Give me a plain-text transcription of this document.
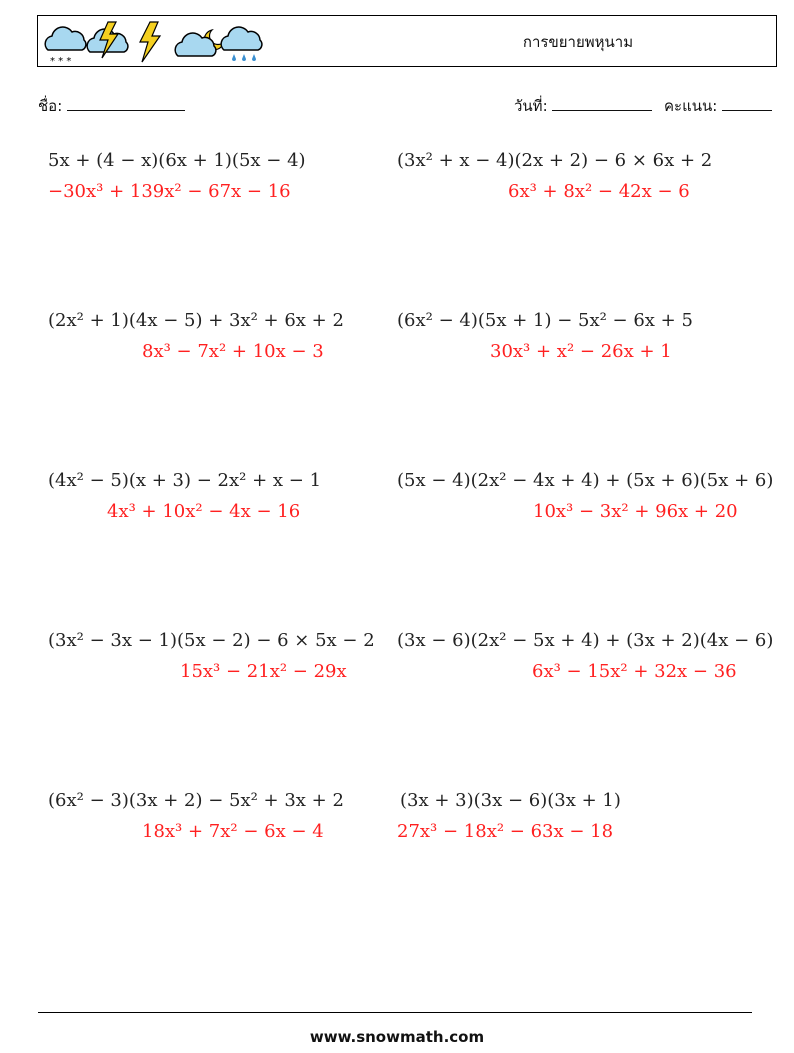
* * *
การขยายพหุนาม
ชื่อ:	วันที่:	คะแนน:
5x + (4 − x)(6x + 1)(5x − 4)
−30x³ + 139x² − 67x − 16
(3x² + x − 4)(2x + 2) − 6 × 6x + 2
6x³ + 8x² − 42x − 6
(2x² + 1)(4x − 5) + 3x² + 6x + 2
8x³ − 7x² + 10x − 3
(6x² − 4)(5x + 1) − 5x² − 6x + 5
30x³ + x² − 26x + 1
(4x² − 5)(x + 3) − 2x² + x − 1
4x³ + 10x² − 4x − 16
(5x − 4)(2x² − 4x + 4) + (5x + 6)(5x + 6)
10x³ − 3x² + 96x + 20
(3x² − 3x − 1)(5x − 2) − 6 × 5x − 2
15x³ − 21x² − 29x
(3x − 6)(2x² − 5x + 4) + (3x + 2)(4x − 6)
6x³ − 15x² + 32x − 36
(6x² − 3)(3x + 2) − 5x² + 3x + 2
18x³ + 7x² − 6x − 4
(3x + 3)(3x − 6)(3x + 1)
27x³ − 18x² − 63x − 18
www.snowmath.com
